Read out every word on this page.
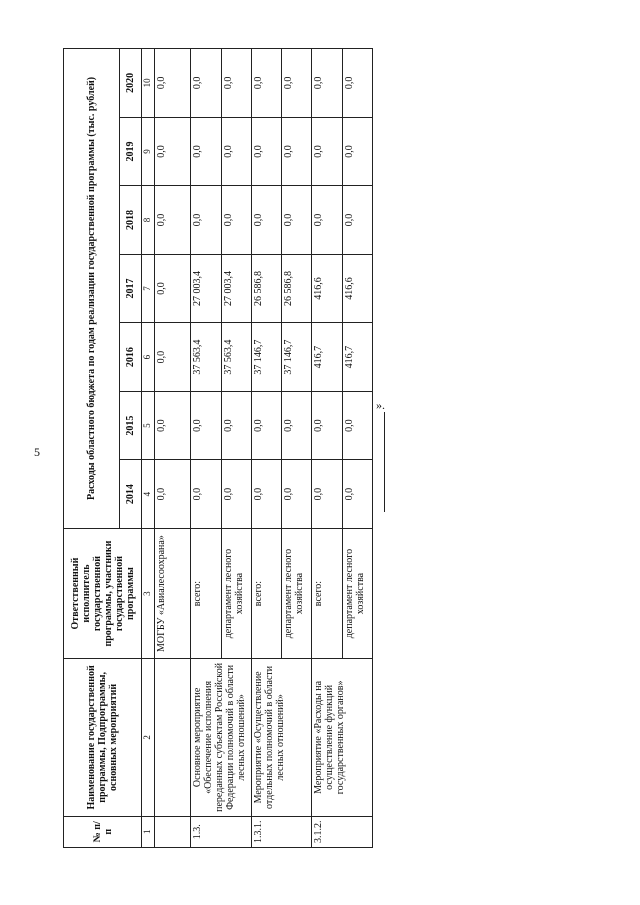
5
».
№ п/п	Наименование государственной программы, Подпрограммы, основных мероприятий	Ответственный исполнитель государственной программы, участники государственной программы	Расходы областного бюджета по годам реализации государственной программы (тыс. рублей)						
			2014	2015	2016	2017	2018	2019	2020
1	2	3	4	5	6	7	8	9	10
		МОГБУ «Авиалесоохрана»	0,0	0,0	0,0	0,0	0,0	0,0	0,0
1.3.	Основное мероприятие «Обеспечение исполнения переданных субъектам Российской Федерации полномочий в области лесных отношений»	всего:	0,0	0,0	37 563,4	27 003,4	0,0	0,0	0,0
		департамент лесного хозяйства	0,0	0,0	37 563,4	27 003,4	0,0	0,0	0,0
1.3.1.	Мероприятие «Осуществление отдельных полномочий в области лесных отношений»	всего:	0,0	0,0	37 146,7	26 586,8	0,0	0,0	0,0
		департамент лесного хозяйства	0,0	0,0	37 146,7	26 586,8	0,0	0,0	0,0
3.1.2.	Мероприятие «Расходы на осуществление функций государственных органов»	всего:	0,0	0,0	416,7	416,6	0,0	0,0	0,0
		департамент лесного хозяйства	0,0	0,0	416,7	416,6	0,0	0,0	0,0
